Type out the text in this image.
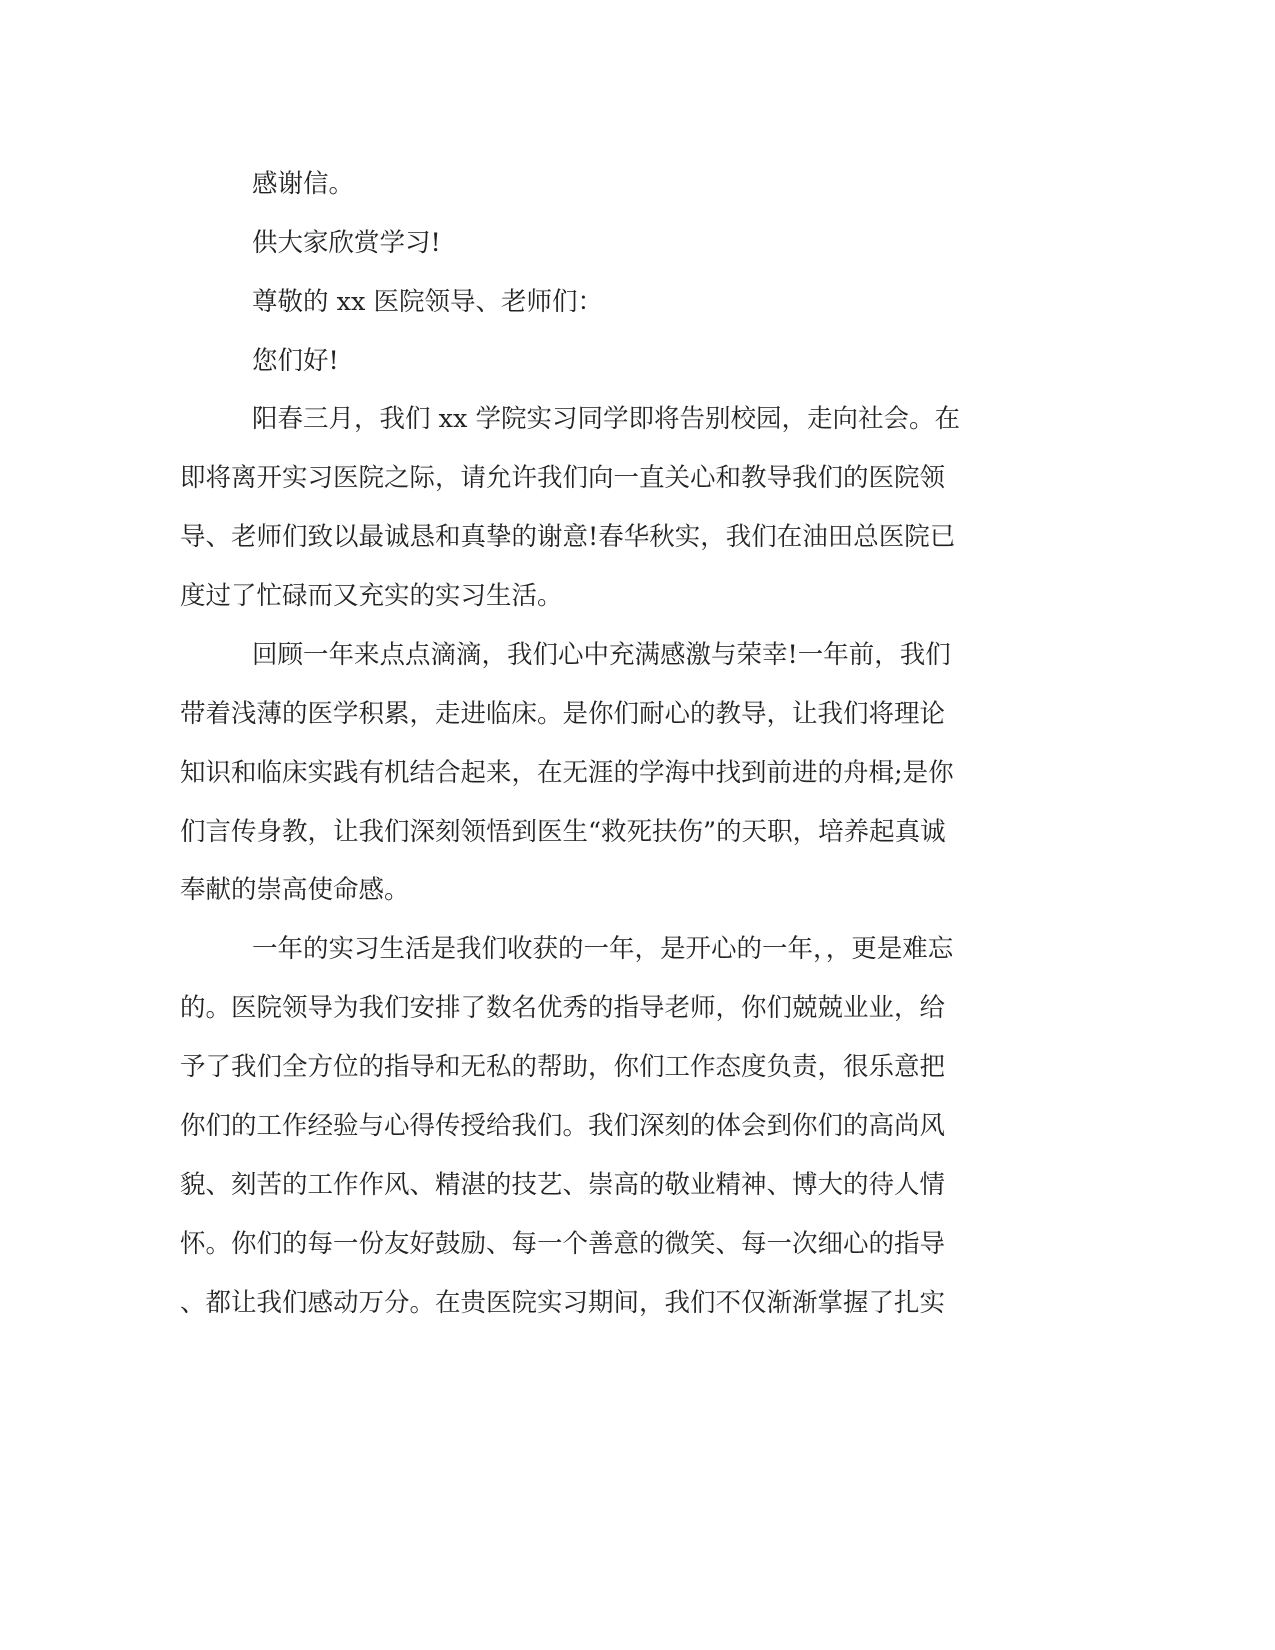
感谢信。

供大家欣赏学习!

尊敬的 xx 医院领导、老师们：

您们好!

阳春三月，我们 xx 学院实习同学即将告别校园，走向社会。在

即将离开实习医院之际，请允许我们向一直关心和教导我们的医院领

导、老师们致以最诚恳和真挚的谢意!春华秋实，我们在油田总医院已

度过了忙碌而又充实的实习生活。

回顾一年来点点滴滴，我们心中充满感激与荣幸!一年前，我们

带着浅薄的医学积累，走进临床。是你们耐心的教导，让我们将理论

知识和临床实践有机结合起来，在无涯的学海中找到前进的舟楫;是你

们言传身教，让我们深刻领悟到医生“救死扶伤”的天职，培养起真诚

奉献的崇高使命感。

一年的实习生活是我们收获的一年，是开心的一年，，更是难忘

的。医院领导为我们安排了数名优秀的指导老师，你们兢兢业业，给

予了我们全方位的指导和无私的帮助，你们工作态度负责，很乐意把

你们的工作经验与心得传授给我们。我们深刻的体会到你们的高尚风

貌、刻苦的工作作风、精湛的技艺、崇高的敬业精神、博大的待人情

怀。你们的每一份友好鼓励、每一个善意的微笑、每一次细心的指导

、都让我们感动万分。在贵医院实习期间，我们不仅渐渐掌握了扎实
